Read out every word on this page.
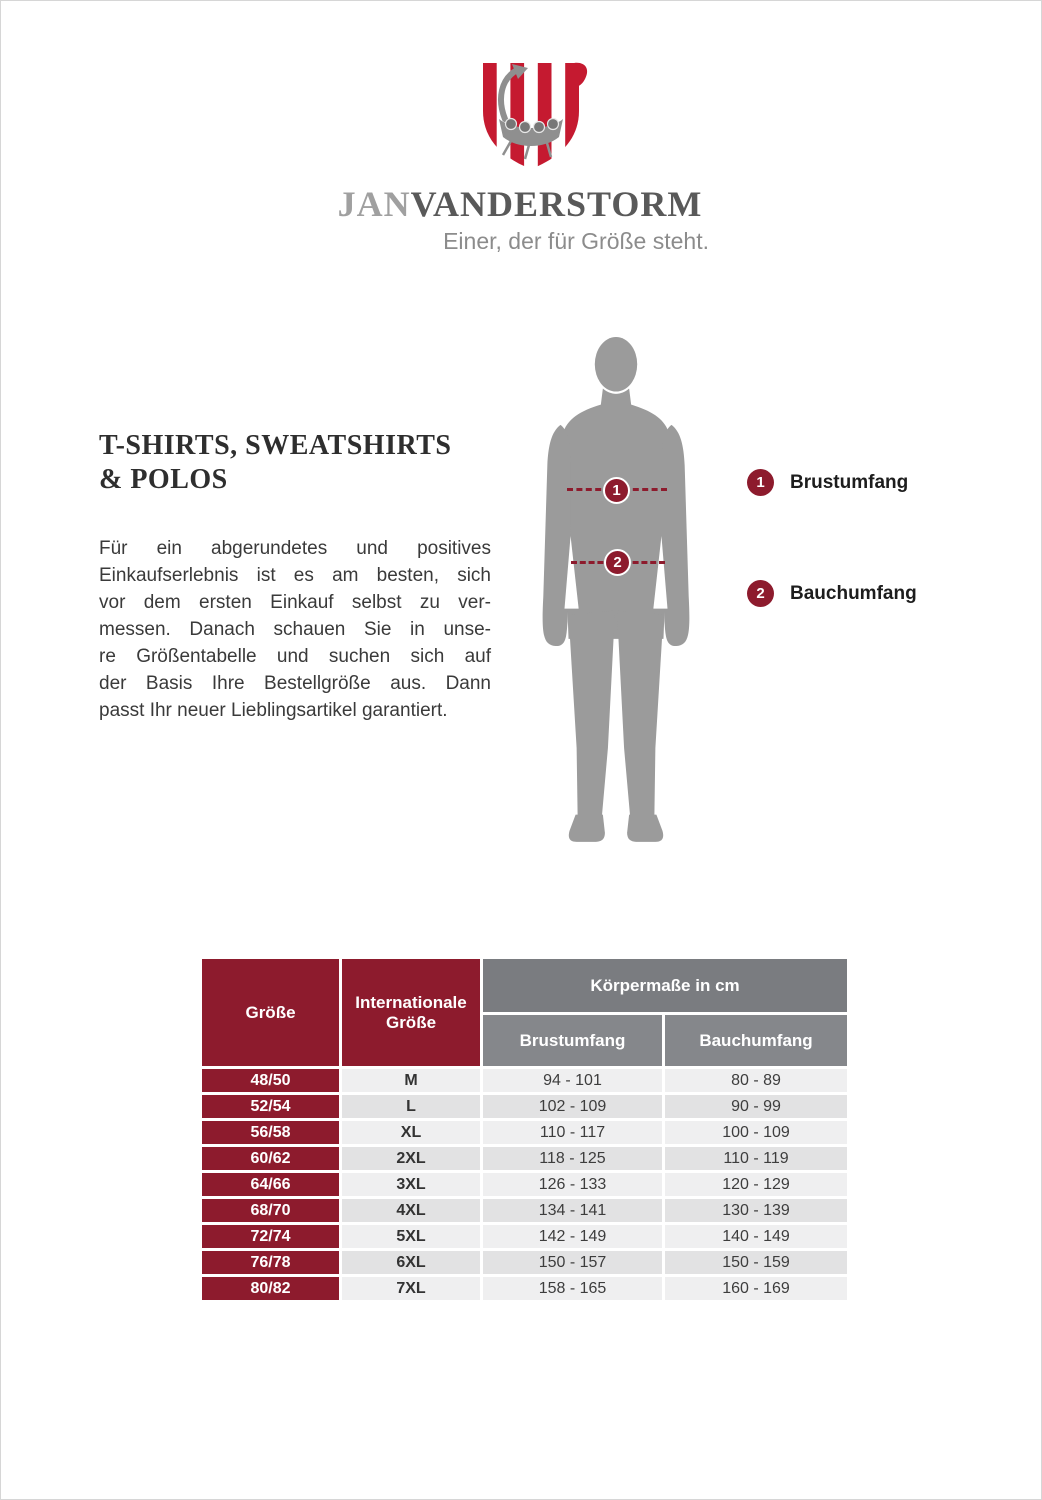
JANVANDERSTORM
Einer, der für Größe steht.
T-SHIRTS, SWEATSHIRTS
& POLOS
Für ein abgerundetes und positives
Einkaufserlebnis ist es am besten, sich
vor dem ersten Einkauf selbst zu ver-
messen. Danach schauen Sie in unse-
re Größentabelle und suchen sich auf
der Basis Ihre Bestellgröße aus. Dann
passt Ihr neuer Lieblingsartikel garantiert.
1
2
1 Brustumfang
2 Bauchumfang
Größe	Internationale Größe	Körpermaße in cm	
		Brustumfang	Bauchumfang
48/50	M	94 - 101	80 - 89
52/54	L	102 - 109	90 - 99
56/58	XL	110 - 117	100 - 109
60/62	2XL	118 - 125	110 - 119
64/66	3XL	126 - 133	120 - 129
68/70	4XL	134 - 141	130 - 139
72/74	5XL	142 - 149	140 - 149
76/78	6XL	150 - 157	150 - 159
80/82	7XL	158 - 165	160 - 169
